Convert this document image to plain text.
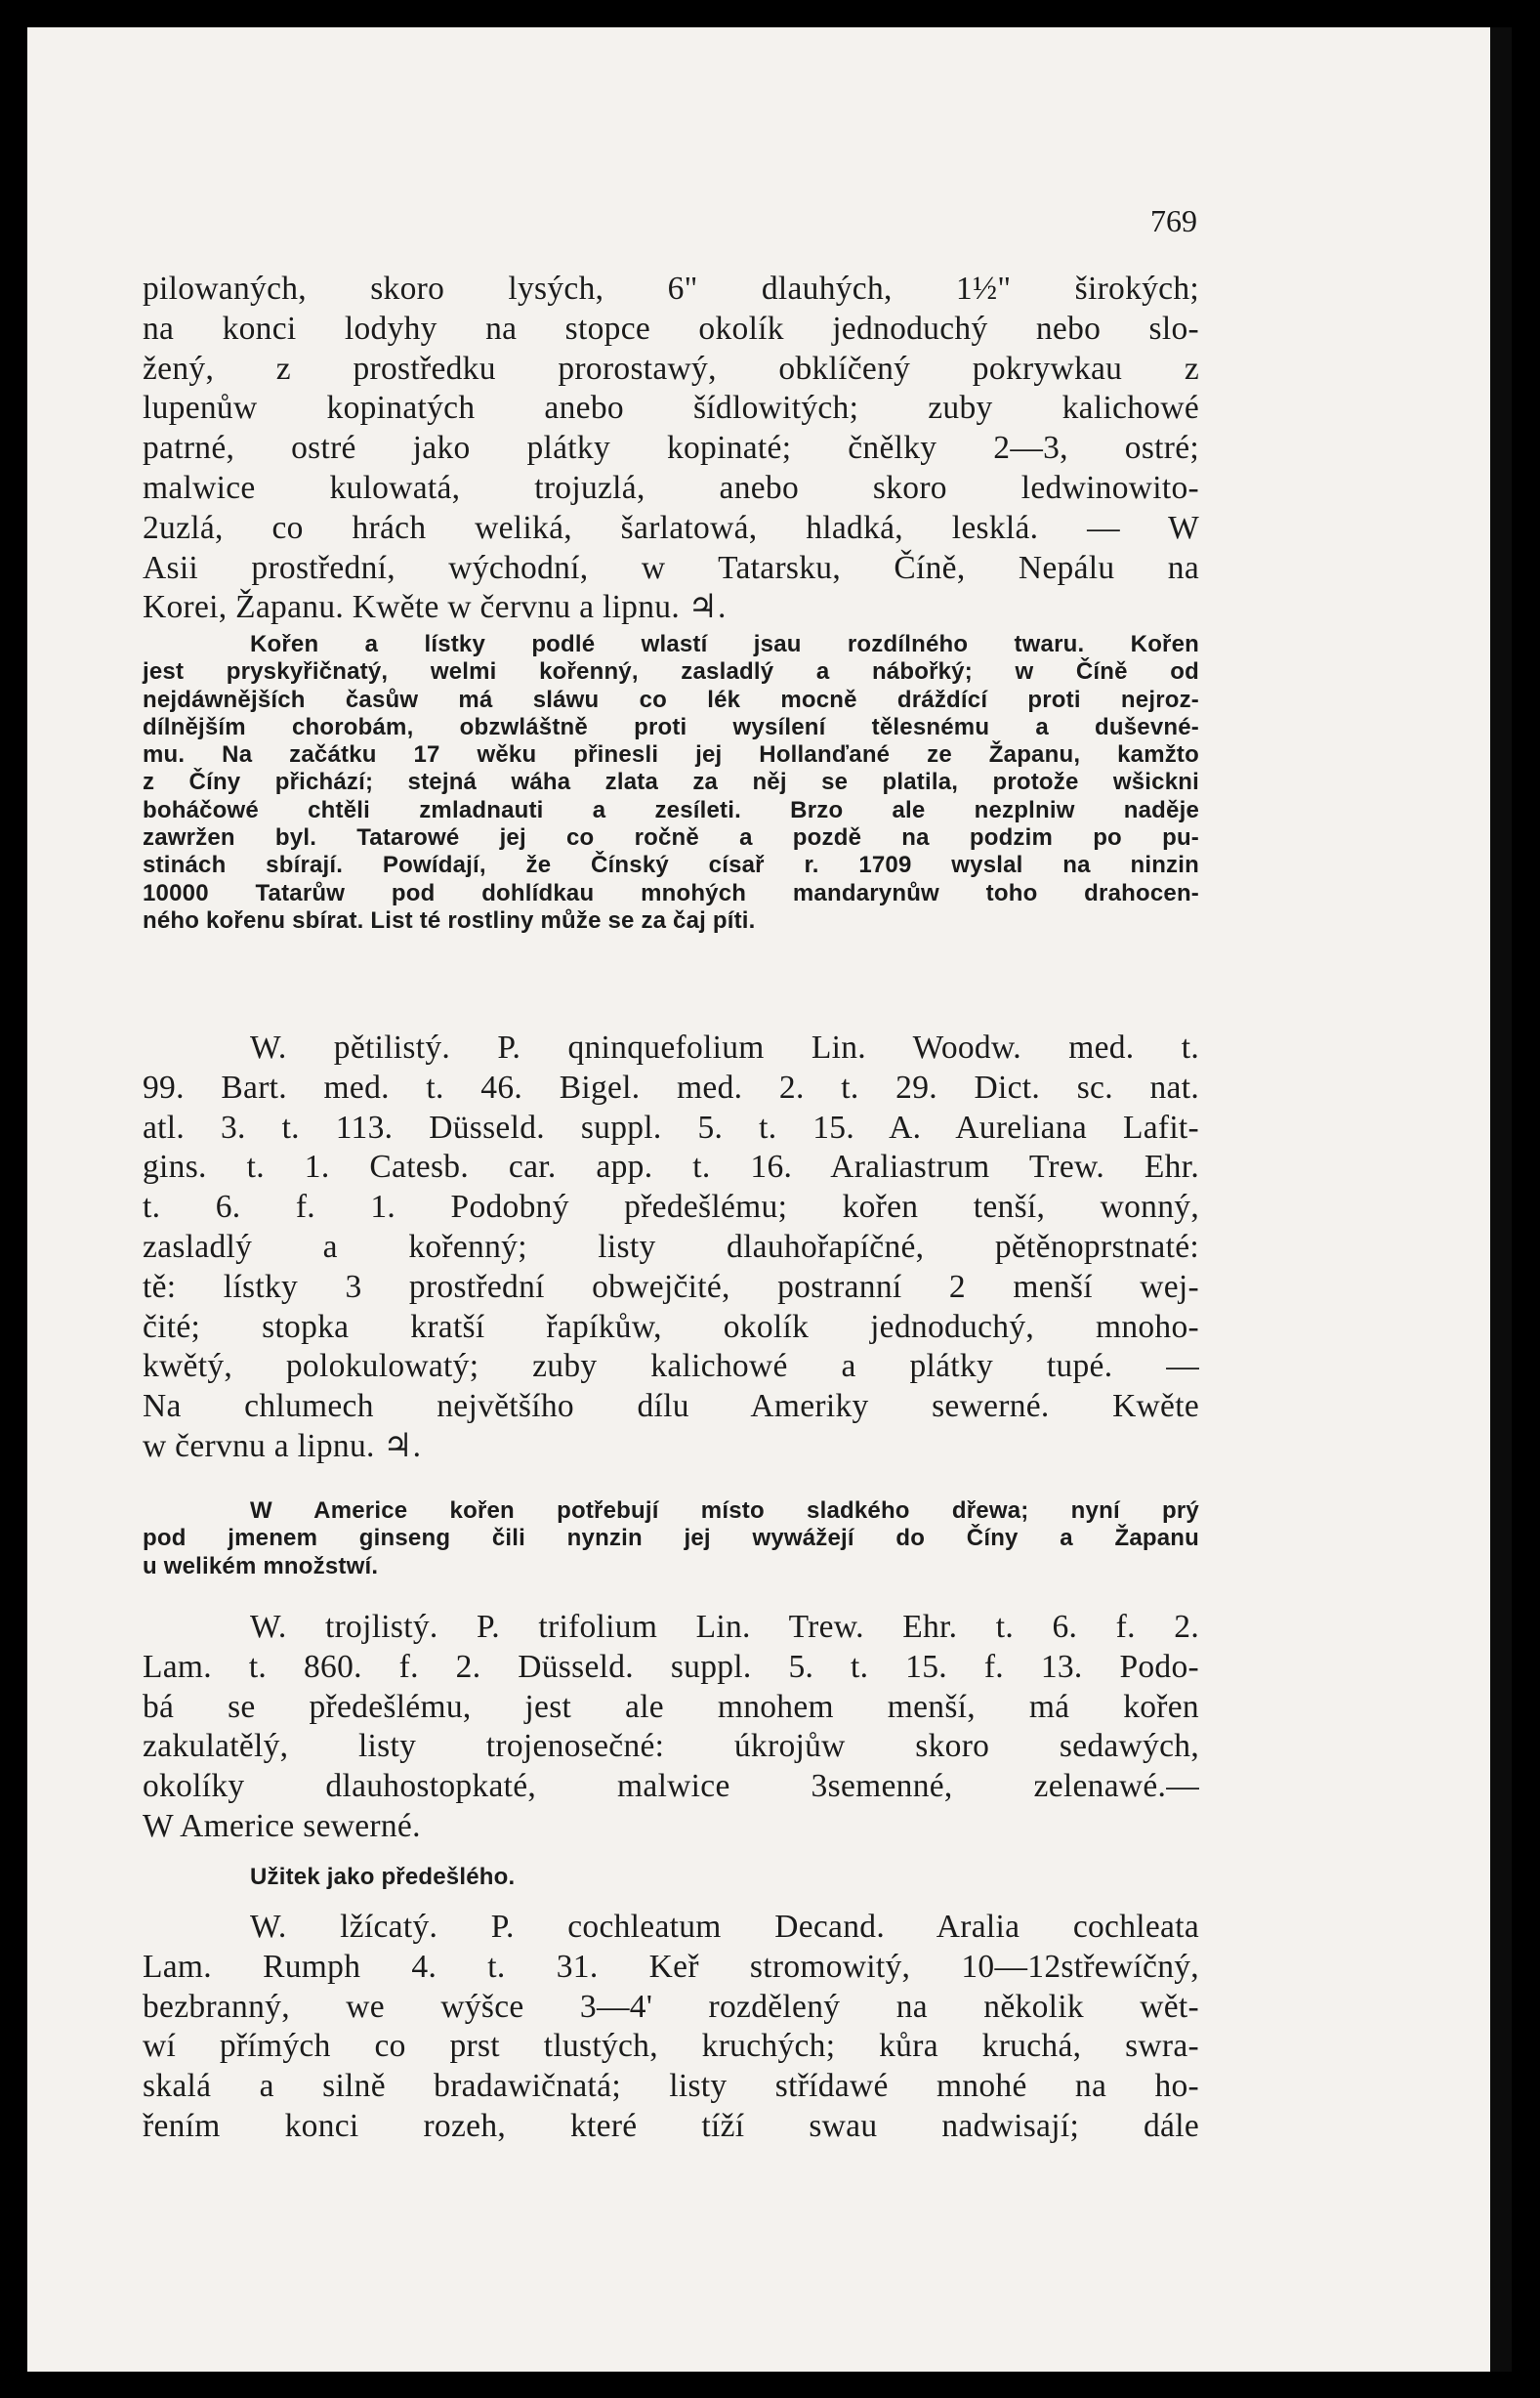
769
pilowaných, skoro lysých, 6" dlauhých, 1½" širokých;
na konci lodyhy na stopce okolík jednoduchý nebo slo-
žený, z prostředku prorostawý, obklíčený pokrywkau z
lupenůw kopinatých anebo šídlowitých; zuby kalichowé
patrné, ostré jako plátky kopinaté; čnělky 2—3, ostré;
malwice kulowatá, trojuzlá, anebo skoro ledwinowito-
2uzlá, co hrách weliká, šarlatowá, hladká, lesklá. — W
Asii prostřední, wýchodní, w Tatarsku, Číně, Nepálu na
Korei, Žapanu. Kwěte w červnu a lipnu. ♃.
Kořen a lístky podlé wlastí jsau rozdílného twaru. Kořen
jest pryskyřičnatý, welmi kořenný, zasladlý a nábořký; w Číně od
nejdáwnějších časůw má sláwu co lék mocně dráždící proti nejroz-
dílnějším chorobám, obzwláštně proti wysílení tělesnému a duševné-
mu. Na začátku 17 wěku přinesli jej Hollanďané ze Žapanu, kamžto
z Číny přichází; stejná wáha zlata za něj se platila, protože wšickni
boháčowé chtěli zmladnauti a zesíleti. Brzo ale nezplniw naděje
zawržen byl. Tatarowé jej co ročně a pozdě na podzim po pu-
stinách sbírají. Powídají, že Čínský císař r. 1709 wyslal na ninzin
10000 Tatarůw pod dohlídkau mnohých mandarynůw toho drahocen-
ného kořenu sbírat. List té rostliny může se za čaj píti.
W. pětilistý. P. qninquefolium Lin. Woodw. med. t.
99. Bart. med. t. 46. Bigel. med. 2. t. 29. Dict. sc. nat.
atl. 3. t. 113. Düsseld. suppl. 5. t. 15. A. Aureliana Lafit-
gins. t. 1. Catesb. car. app. t. 16. Araliastrum Trew. Ehr.
t. 6. f. 1. Podobný předešlému; kořen tenší, wonný,
zasladlý a kořenný; listy dlauhořapíčné, pětěnoprstnaté:
tě: lístky 3 prostřední obwejčité, postranní 2 menší wej-
čité; stopka kratší řapíkůw, okolík jednoduchý, mnoho-
kwětý, polokulowatý; zuby kalichowé a plátky tupé. —
Na chlumech největšího dílu Ameriky sewerné. Kwěte
w červnu a lipnu. ♃.
W Americe kořen potřebují místo sladkého dřewa; nyní prý
pod jmenem ginseng čili nynzin jej wywážejí do Číny a Žapanu
u welikém množstwí.
W. trojlistý. P. trifolium Lin. Trew. Ehr. t. 6. f. 2.
Lam. t. 860. f. 2. Düsseld. suppl. 5. t. 15. f. 13. Podo-
bá se předešlému, jest ale mnohem menší, má kořen
zakulatělý, listy trojenosečné: úkrojůw skoro sedawých,
okolíky dlauhostopkaté, malwice 3semenné, zelenawé.—
W Americe sewerné.
Užitek jako předešlého.
W. lžícatý. P. cochleatum Decand. Aralia cochleata
Lam. Rumph 4. t. 31. Keř stromowitý, 10—12střewíčný,
bezbranný, we wýšce 3—4' rozdělený na několik wět-
wí přímých co prst tlustých, kruchých; kůra kruchá, swra-
skalá a silně bradawičnatá; listy střídawé mnohé na ho-
řením konci rozeh, které tíží swau nadwisají; dále
